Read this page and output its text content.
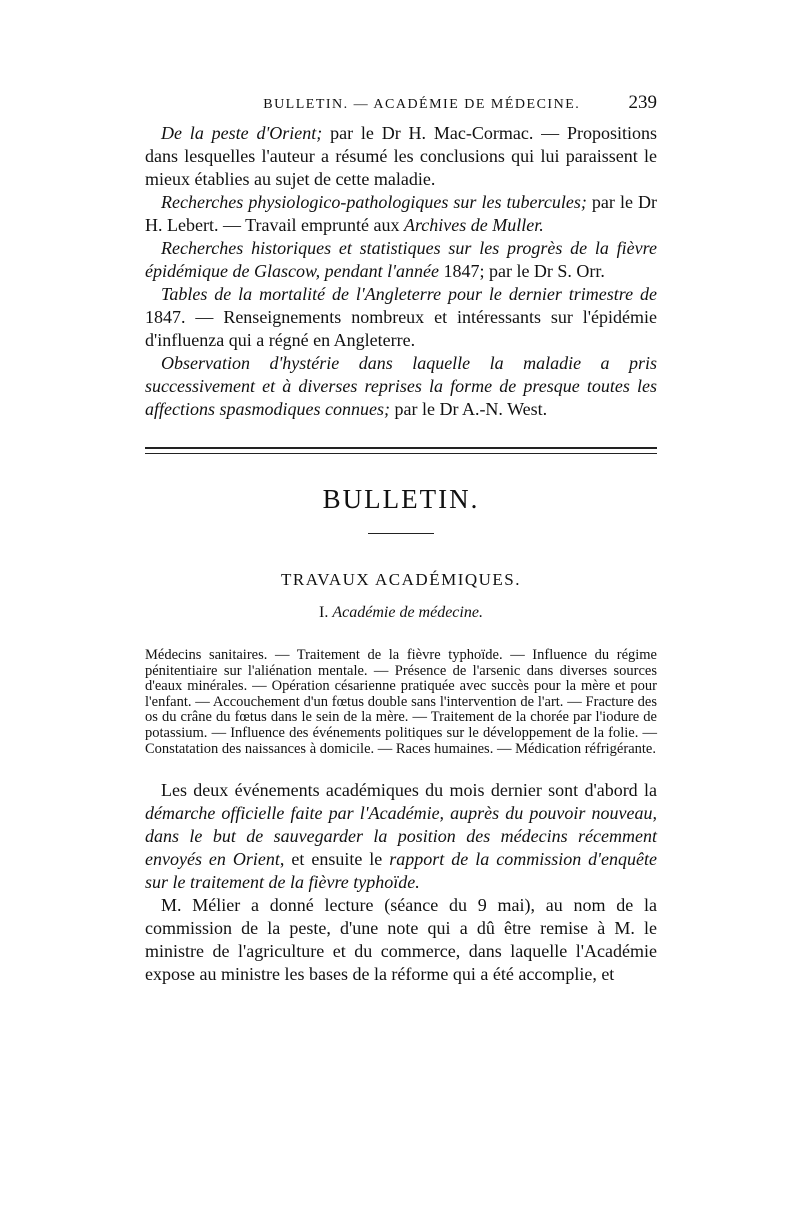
BULLETIN. — ACADÉMIE DE MÉDECINE.	239

De la peste d'Orient; par le Dr H. Mac-Cormac. — Propositions dans lesquelles l'auteur a résumé les conclusions qui lui paraissent le mieux établies au sujet de cette maladie.

Recherches physiologico-pathologiques sur les tubercules; par le Dr H. Lebert. — Travail emprunté aux Archives de Muller.

Recherches historiques et statistiques sur les progrès de la fièvre épidémique de Glascow, pendant l'année 1847; par le Dr S. Orr.

Tables de la mortalité de l'Angleterre pour le dernier trimestre de 1847. — Renseignements nombreux et intéressants sur l'épidémie d'influenza qui a régné en Angleterre.

Observation d'hystérie dans laquelle la maladie a pris successivement et à diverses reprises la forme de presque toutes les affections spasmodiques connues; par le Dr A.-N. West.

BULLETIN.
TRAVAUX ACADÉMIQUES.
I. Académie de médecine.

Médecins sanitaires. — Traitement de la fièvre typhoïde. — Influence du régime pénitentiaire sur l'aliénation mentale. — Présence de l'arsenic dans diverses sources d'eaux minérales. — Opération césarienne pratiquée avec succès pour la mère et pour l'enfant. — Accouchement d'un fœtus double sans l'intervention de l'art. — Fracture des os du crâne du fœtus dans le sein de la mère. — Traitement de la chorée par l'iodure de potassium. — Influence des événements politiques sur le développement de la folie. — Constatation des naissances à domicile. — Races humaines. — Médication réfrigérante.

Les deux événements académiques du mois dernier sont d'abord la démarche officielle faite par l'Académie, auprès du pouvoir nouveau, dans le but de sauvegarder la position des médecins récemment envoyés en Orient, et ensuite le rapport de la commission d'enquête sur le traitement de la fièvre typhoïde.

M. Mélier a donné lecture (séance du 9 mai), au nom de la commission de la peste, d'une note qui a dû être remise à M. le ministre de l'agriculture et du commerce, dans laquelle l'Académie expose au ministre les bases de la réforme qui a été accomplie, et
